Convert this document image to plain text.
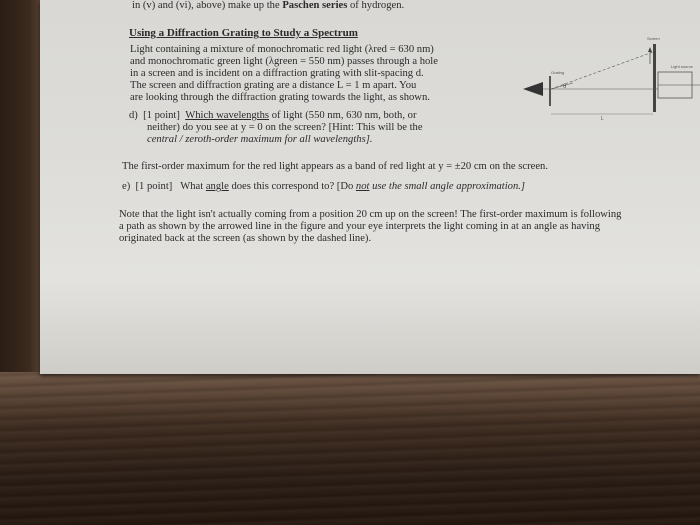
in (v) and (vi), above) make up the Paschen series of hydrogen.
Using a Diffraction Grating to Study a Spectrum
Light containing a mixture of monochromatic red light (λred = 630 nm)
and monochromatic green light (λgreen = 550 nm) passes through a hole
in a screen and is incident on a diffraction grating with slit-spacing d.
The screen and diffraction grating are a distance L = 1 m apart. You
are looking through the diffraction grating towards the light, as shown.
d) [1 point] Which wavelengths of light (550 nm, 630 nm, both, or
neither) do you see at y = 0 on the screen? [Hint: This will be the
central / zeroth-order maximum for all wavelengths].
The first-order maximum for the red light appears as a band of red light at y = ±20 cm on the screen.
e) [1 point] What angle does this correspond to? [Do not use the small angle approximation.]
Note that the light isn't actually coming from a position 20 cm up on the screen! The first-order maximum is following
a path as shown by the arrowed line in the figure and your eye interprets the light coming in at an angle as having
originated back at the screen (as shown by the dashed line).
Screen
Light source
Grating
θ
L
